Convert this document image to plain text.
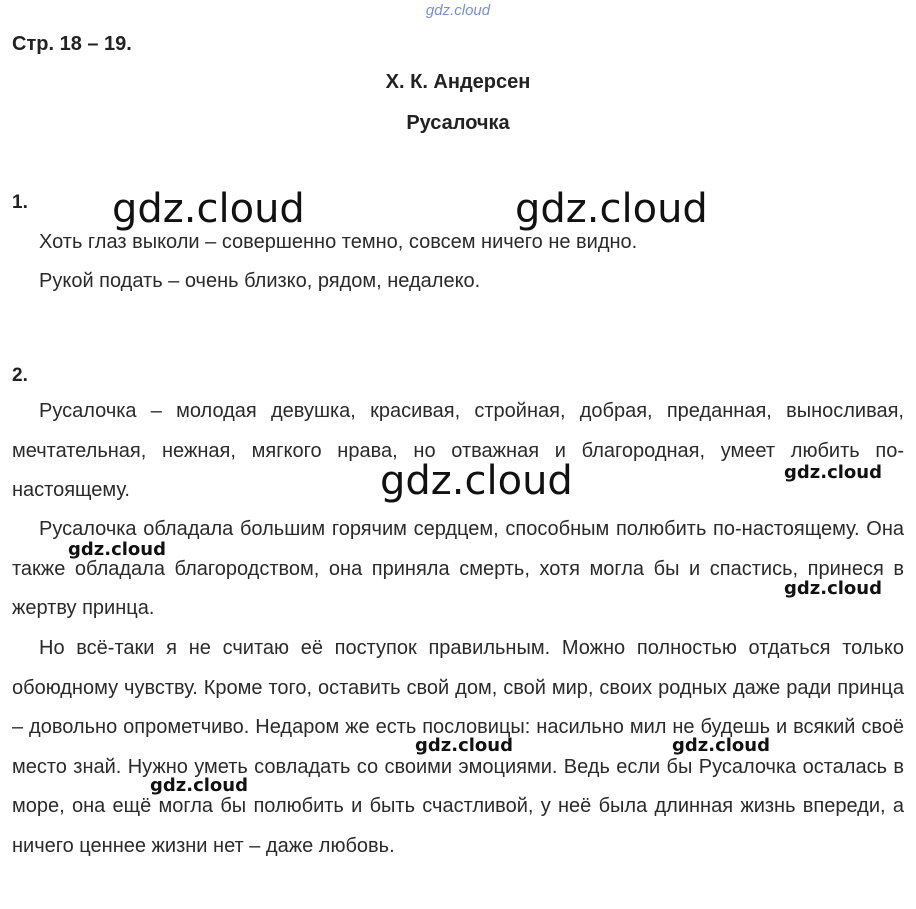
gdz.cloud
Стр. 18 – 19.
Х. К. Андерсен
Русалочка
1.
Хоть глаз выколи – совершенно темно, совсем ничего не видно.
Рукой подать – очень близко, рядом, недалеко.
2.

Русалочка – молодая девушка, красивая, стройная, добрая, преданная, выносливая, мечтательная, нежная, мягкого нрава, но отважная и благородная, умеет любить по-настоящему.

Русалочка обладала большим горячим сердцем, способным полюбить по-настоящему. Она также обладала благородством, она приняла смерть, хотя могла бы и спастись, принеся в жертву принца.

Но всё-таки я не считаю её поступок правильным. Можно полностью отдаться только обоюдному чувству. Кроме того, оставить свой дом, свой мир, своих родных даже ради принца – довольно опрометчиво. Недаром же есть пословицы: насильно мил не будешь и всякий своё место знай. Нужно уметь совладать со своими эмоциями. Ведь если бы Русалочка осталась в море, она ещё могла бы полюбить и быть счастливой, у неё была длинная жизнь впереди, а ничего ценнее жизни нет – даже любовь.

gdz.cloud	gdz.cloud
gdz.cloud	gdz.cloud
gdz.cloud
gdz.cloud
gdz.cloud	gdz.cloud
gdz.cloud
